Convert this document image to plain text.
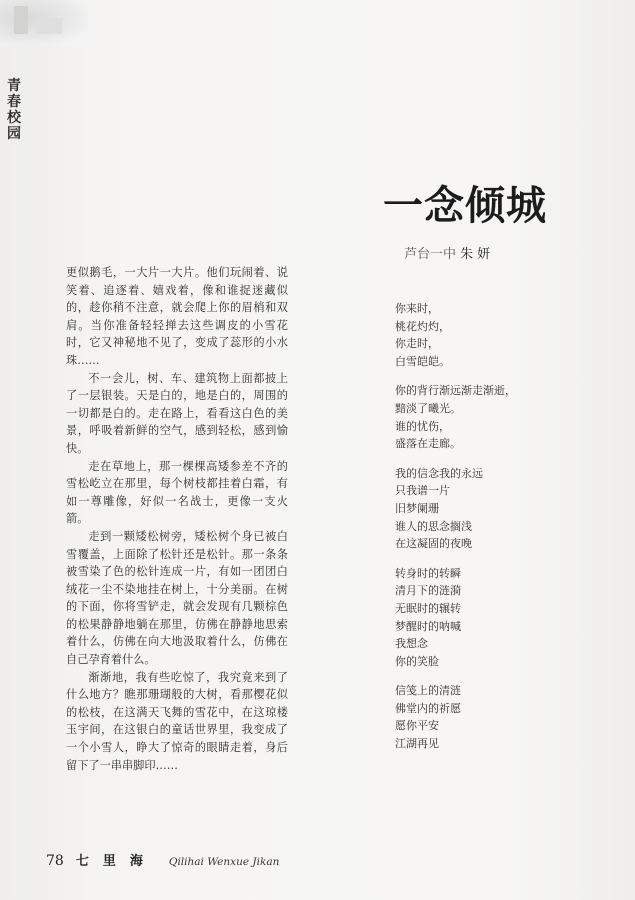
青春校园
一念倾城
芦台一中 朱妍

更似鹅毛，一大片一大片。他们玩闹着、说笑着、追逐着、嬉戏着，像和谁捉迷藏似的，趁你稍不注意，就会爬上你的眉梢和双肩。当你准备轻轻掸去这些调皮的小雪花时，它又神秘地不见了，变成了蕊形的小水珠……

不一会儿，树、车、建筑物上面都披上了一层银装。天是白的，地是白的，周围的一切都是白的。走在路上，看看这白色的美景，呼吸着新鲜的空气，感到轻松，感到愉快。

走在草地上，那一棵棵高矮参差不齐的雪松屹立在那里，每个树枝都挂着白霜，有如一尊雕像，好似一名战士，更像一支火箭。

走到一颗矮松树旁，矮松树个身已被白雪覆盖，上面除了松针还是松针。那一条条被雪染了色的松针连成一片，有如一团团白绒花一尘不染地挂在树上，十分美丽。在树的下面，你将雪铲走，就会发现有几颗棕色的松果静静地躺在那里，仿佛在静静地思索着什么，仿佛在向大地汲取着什么，仿佛在自己孕育着什么。

渐渐地，我有些吃惊了，我究竟来到了什么地方？瞧那珊瑚般的大树，看那樱花似的松枝，在这满天飞舞的雪花中，在这琼楼玉宇间，在这银白的童话世界里，我变成了一个小雪人，睁大了惊奇的眼睛走着，身后留下了一串串脚印……

你来时，
桃花灼灼，
你走时，
白雪皑皑。
你的背行渐远渐走渐逝，
黯淡了曦光。
谁的忧伤，
盛落在走廊。
我的信念我的永远
只我谱一片
旧梦阑珊
谁人的思念搁浅
在这凝固的夜晚
转身时的转瞬
清月下的涟漪
无眠时的辗转
梦醒时的呐喊
我想念
你的笑脸
信笺上的清涟
佛堂内的祈愿
愿你平安
江湖再见
78 七里海 Qilihai Wenxue Jikan
